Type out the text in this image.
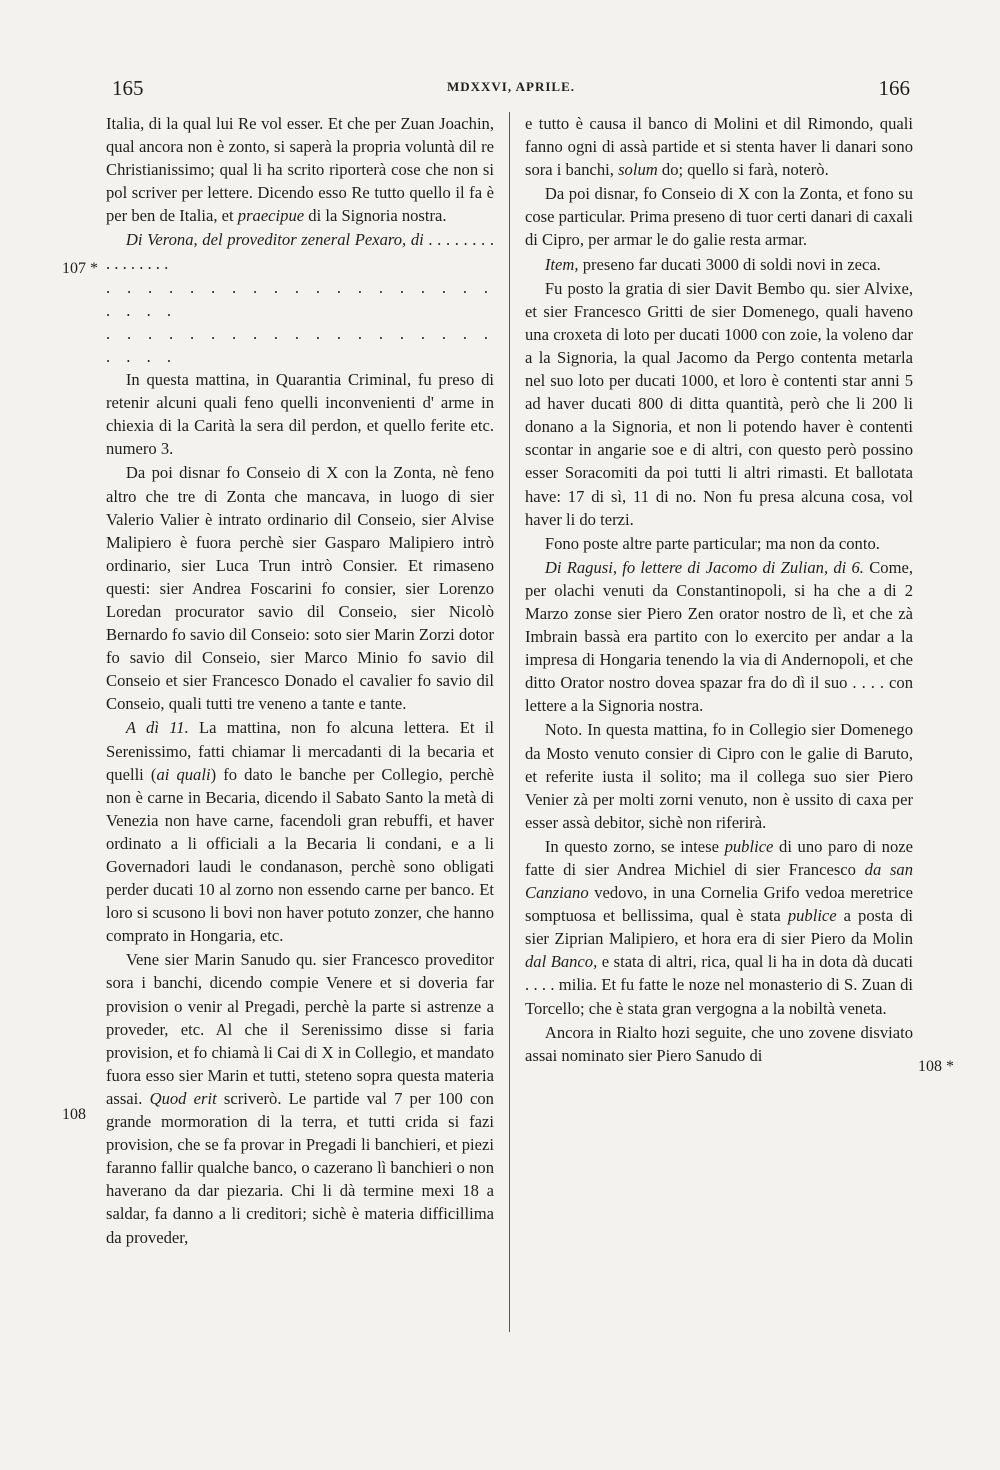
165	MDXXVI, APRILE.	166
107 *
108
108 *

Italia, di la qual lui Re vol esser. Et che per Zuan Joachin, qual ancora non è zonto, si saperà la propria voluntà dil re Christianissimo; qual li ha scrito riporterà cose che non si pol scriver per lettere. Dicendo esso Re tutto quello il fa è per ben de Italia, et praecipue di la Signoria nostra.

Di Verona, del proveditor zeneral Pexaro, di . . . . . . . . . . . . . . . .

. . . . . . . . . . . . . . . . . . . . . . .

. . . . . . . . . . . . . . . . . . . . . . .

In questa mattina, in Quarantia Criminal, fu preso di retenir alcuni quali feno quelli inconvenienti d' arme in chiexia di la Carità la sera dil perdon, et quello ferite etc. numero 3.

Da poi disnar fo Conseio di X con la Zonta, nè feno altro che tre di Zonta che mancava, in luogo di sier Valerio Valier è intrato ordinario dil Conseio, sier Alvise Malipiero è fuora perchè sier Gasparo Malipiero intrò ordinario, sier Luca Trun intrò Consier. Et rimaseno questi: sier Andrea Foscarini fo consier, sier Lorenzo Loredan procurator savio dil Conseio, sier Nicolò Bernardo fo savio dil Conseio: soto sier Marin Zorzi dotor fo savio dil Conseio, sier Marco Minio fo savio dil Conseio et sier Francesco Donado el cavalier fo savio dil Conseio, quali tutti tre veneno a tante e tante.

A dì 11. La mattina, non fo alcuna lettera. Et il Serenissimo, fatti chiamar li mercadanti di la becaria et quelli (ai quali) fo dato le banche per Collegio, perchè non è carne in Becaria, dicendo il Sabato Santo la metà di Venezia non have carne, facendoli gran rebuffi, et haver ordinato a li officiali a la Becaria li condani, e a li Governadori laudi le condanason, perchè sono obligati perder ducati 10 al zorno non essendo carne per banco. Et loro si scusono li bovi non haver potuto zonzer, che hanno comprato in Hongaria, etc.

Vene sier Marin Sanudo qu. sier Francesco proveditor sora i banchi, dicendo compie Venere et si doveria far provision o venir al Pregadi, perchè la parte si astrenze a proveder, etc. Al che il Serenissimo disse si faria provision, et fo chiamà li Cai di X in Collegio, et mandato fuora esso sier Marin et tutti, steteno sopra questa materia assai. Quod erit scriverò. Le partide val 7 per 100 con grande mormoration di la terra, et tutti crida si fazi provision, che se fa provar in Pregadi li banchieri, et piezi faranno fallir qualche banco, o cazerano lì banchieri o non haverano da dar piezaria. Chi li dà termine mexi 18 a saldar, fa danno a li creditori; sichè è materia difficillima da proveder,

e tutto è causa il banco di Molini et dil Rimondo, quali fanno ogni di assà partide et si stenta haver li danari sono sora i banchi, solum do; quello si farà, noterò.

Da poi disnar, fo Conseio di X con la Zonta, et fono su cose particular. Prima preseno di tuor certi danari di caxali di Cipro, per armar le do galie resta armar.

Item, preseno far ducati 3000 di soldi novi in zeca.

Fu posto la gratia di sier Davit Bembo qu. sier Alvixe, et sier Francesco Gritti de sier Domenego, quali haveno una croxeta di loto per ducati 1000 con zoie, la voleno dar a la Signoria, la qual Jacomo da Pergo contenta metarla nel suo loto per ducati 1000, et loro è contenti star anni 5 ad haver ducati 800 di ditta quantità, però che li 200 li donano a la Signoria, et non li potendo haver è contenti scontar in angarie soe e di altri, con questo però possino esser Soracomiti da poi tutti li altri rimasti. Et ballotata have: 17 di sì, 11 di no. Non fu presa alcuna cosa, vol haver li do terzi.

Fono poste altre parte particular; ma non da conto.

Di Ragusi, fo lettere di Jacomo di Zulian, di 6. Come, per olachi venuti da Constantinopoli, si ha che a di 2 Marzo zonse sier Piero Zen orator nostro de lì, et che zà Imbrain bassà era partito con lo exercito per andar a la impresa di Hongaria tenendo la via di Andernopoli, et che ditto Orator nostro dovea spazar fra do dì il suo . . . . con lettere a la Signoria nostra.

Noto. In questa mattina, fo in Collegio sier Domenego da Mosto venuto consier di Cipro con le galie di Baruto, et referite iusta il solito; ma il collega suo sier Piero Venier zà per molti zorni venuto, non è ussito di caxa per esser assà debitor, sichè non riferirà.

In questo zorno, se intese publice di uno paro di noze fatte di sier Andrea Michiel di sier Francesco da san Canziano vedovo, in una Cornelia Grifo vedoa meretrice somptuosa et bellissima, qual è stata publice a posta di sier Ziprian Malipiero, et hora era di sier Piero da Molin dal Banco, e stata di altri, rica, qual li ha in dota dà ducati . . . . milia. Et fu fatte le noze nel monasterio di S. Zuan di Torcello; che è stata gran vergogna a la nobiltà veneta.

Ancora in Rialto hozi seguite, che uno zovene disviato assai nominato sier Piero Sanudo di
